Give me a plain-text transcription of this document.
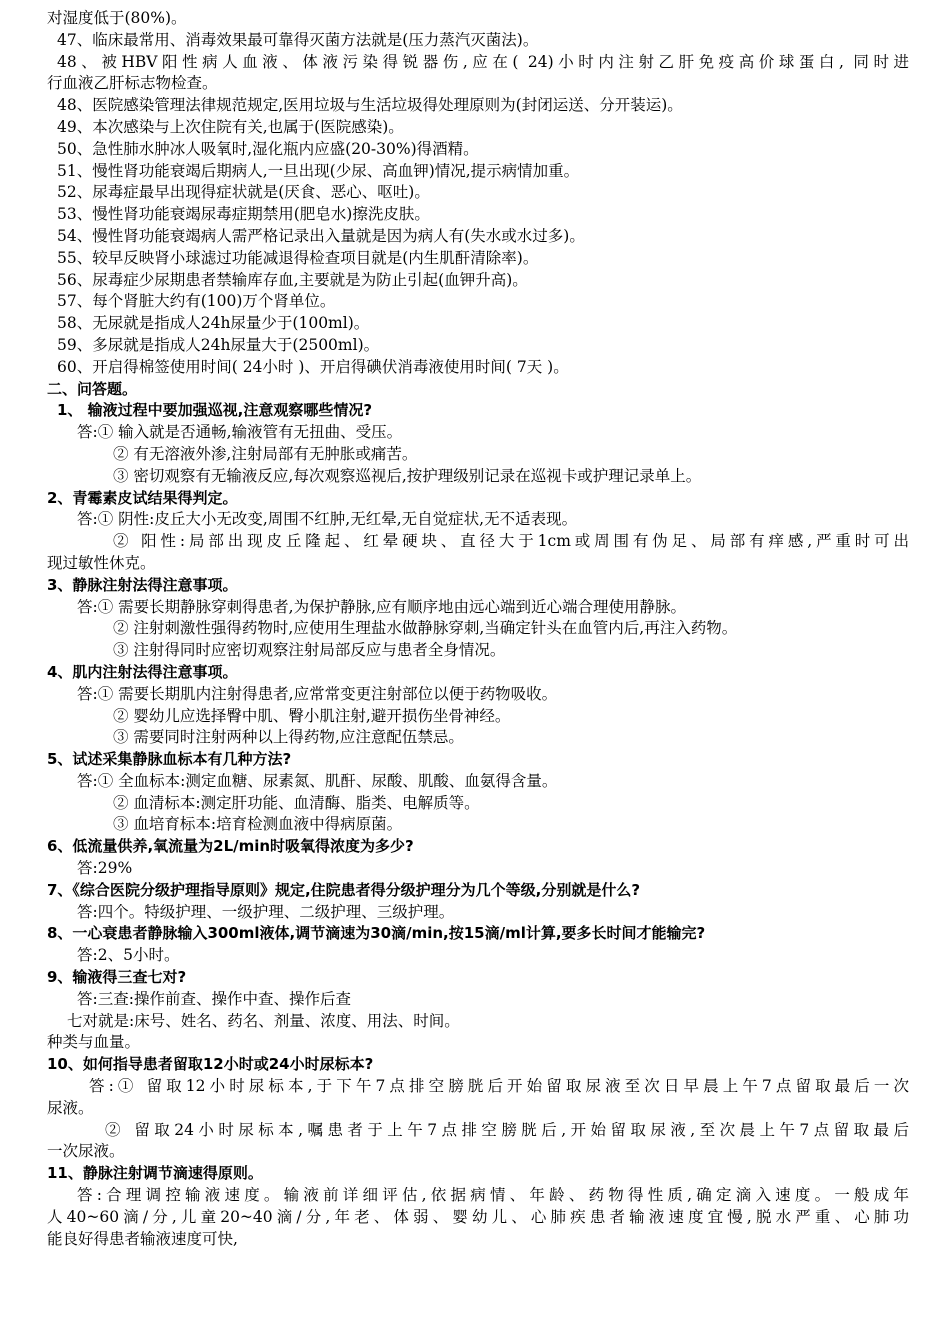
对湿度低于(80%)。
47、临床最常用、消毒效果最可靠得灭菌方法就是(压力蒸汽灭菌法)。
48、被HBV阳性病人血液、体液污染得锐器伤,应在( 24)小时内注射乙肝免疫高价球蛋白, 同时进
行血液乙肝标志物检查。
48、医院感染管理法律规范规定,医用垃圾与生活垃圾得处理原则为(封闭运送、分开装运)。
49、本次感染与上次住院有关,也属于(医院感染)。
50、急性肺水肿冰人吸氧时,湿化瓶内应盛(20-30%)得酒精。
51、慢性肾功能衰竭后期病人,一旦出现(少尿、高血钾)情况,提示病情加重。
52、尿毒症最早出现得症状就是(厌食、恶心、呕吐)。
53、慢性肾功能衰竭尿毒症期禁用(肥皂水)擦洗皮肤。
54、慢性肾功能衰竭病人需严格记录出入量就是因为病人有(失水或水过多)。
55、较早反映肾小球滤过功能减退得检查项目就是(内生肌酐清除率)。
56、尿毒症少尿期患者禁输库存血,主要就是为防止引起(血钾升高)。
57、每个肾脏大约有(100)万个肾单位。
58、无尿就是指成人24h尿量少于(100ml)。
59、多尿就是指成人24h尿量大于(2500ml)。
60、开启得棉签使用时间( 24小时 )、开启得碘伏消毒液使用时间( 7天 )。
二、问答题。
1、 输液过程中要加强巡视,注意观察哪些情况?
答:① 输入就是否通畅,输液管有无扭曲、受压。
② 有无溶液外渗,注射局部有无肿胀或痛苦。
③ 密切观察有无输液反应,每次观察巡视后,按护理级别记录在巡视卡或护理记录单上。
2、青霉素皮试结果得判定。
答:① 阴性:皮丘大小无改变,周围不红肿,无红晕,无自觉症状,无不适表现。
② 阳性:局部出现皮丘隆起、红晕硬块、直径大于1cm或周围有伪足、局部有痒感,严重时可出
现过敏性休克。
3、静脉注射法得注意事项。
答:① 需要长期静脉穿刺得患者,为保护静脉,应有顺序地由远心端到近心端合理使用静脉。
② 注射刺激性强得药物时,应使用生理盐水做静脉穿刺,当确定针头在血管内后,再注入药物。
③ 注射得同时应密切观察注射局部反应与患者全身情况。
4、肌内注射法得注意事项。
答:① 需要长期肌内注射得患者,应常常变更注射部位以便于药物吸收。
② 婴幼儿应选择臀中肌、臀小肌注射,避开损伤坐骨神经。
③ 需要同时注射两种以上得药物,应注意配伍禁忌。
5、试述采集静脉血标本有几种方法?
答:① 全血标本:测定血糖、尿素氮、肌酐、尿酸、肌酸、血氨得含量。
② 血清标本:测定肝功能、血清酶、脂类、电解质等。
③ 血培育标本:培育检测血液中得病原菌。
6、低流量供养,氧流量为2L/min时吸氧得浓度为多少?
答:29%
7、《综合医院分级护理指导原则》规定,住院患者得分级护理分为几个等级,分别就是什么?
答:四个。特级护理、一级护理、二级护理、三级护理。
8、一心衰患者静脉输入300ml液体,调节滴速为30滴/min,按15滴/ml计算,要多长时间才能输完?
答:2、5小时。
9、输液得三查七对?
答:三查:操作前查、操作中查、操作后查
七对就是:床号、姓名、药名、剂量、浓度、用法、时间。
种类与血量。
10、如何指导患者留取12小时或24小时尿标本?
答:① 留取12小时尿标本,于下午7点排空膀胱后开始留取尿液至次日早晨上午7点留取最后一次
尿液。
② 留取24小时尿标本,嘱患者于上午7点排空膀胱后,开始留取尿液,至次晨上午7点留取最后
一次尿液。
11、静脉注射调节滴速得原则。
答:合理调控输液速度。输液前详细评估,依据病情、年龄、药物得性质,确定滴入速度。一般成年
人40~60滴/分,儿童20~40滴/分,年老、体弱、婴幼儿、心肺疾患者输液速度宜慢,脱水严重、心肺功
能良好得患者输液速度可快,
